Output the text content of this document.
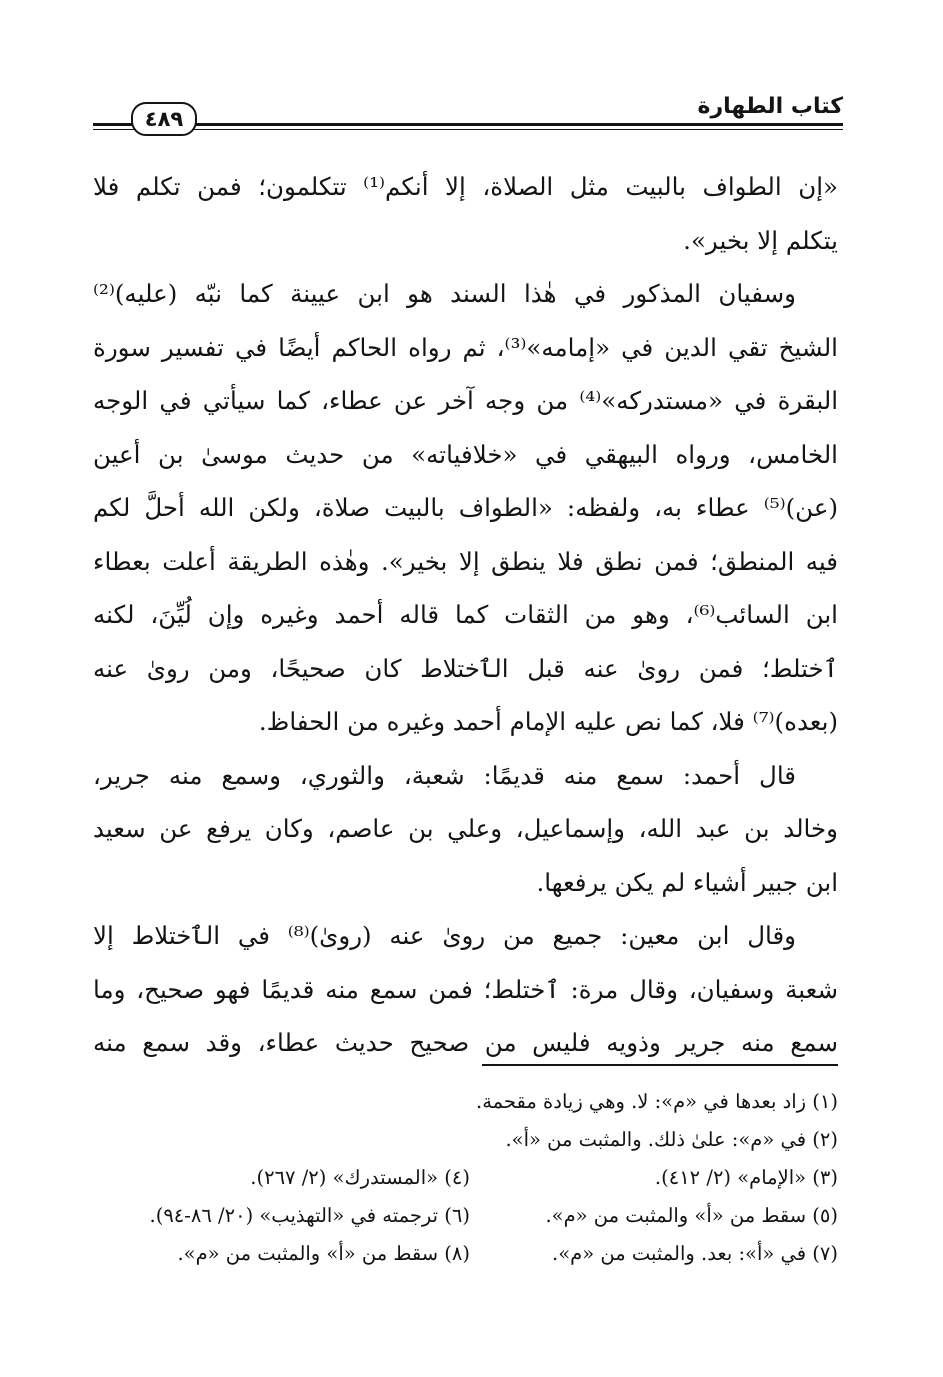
كتاب الطهارة
٤٨٩
«إن الطواف بالبيت مثل الصلاة، إلا أنكم⁽¹⁾ تتكلمون؛ فمن تكلم فلا
يتكلم إلا بخير».
وسفيان المذكور في هٰذا السند هو ابن عيينة كما نبّه (عليه)⁽²⁾
الشيخ تقي الدين في «إمامه»⁽³⁾، ثم رواه الحاكم أيضًا في تفسير سورة
البقرة في «مستدركه»⁽⁴⁾ من وجه آخر عن عطاء، كما سيأتي في الوجه
الخامس، ورواه البيهقي في «خلافياته» من حديث موسىٰ بن أعين
(عن)⁽⁵⁾ عطاء به، ولفظه: «الطواف بالبيت صلاة، ولكن الله أحلَّ لكم
فيه المنطق؛ فمن نطق فلا ينطق إلا بخير». وهٰذه الطريقة أعلت بعطاء
ابن السائب⁽⁶⁾، وهو من الثقات كما قاله أحمد وغيره وإن لُيِّنَ، لكنه
ٱختلط؛ فمن روىٰ عنه قبل الٱختلاط كان صحيحًا، ومن روىٰ عنه
(بعده)⁽⁷⁾ فلا، كما نص عليه الإمام أحمد وغيره من الحفاظ.
قال أحمد: سمع منه قديمًا: شعبة، والثوري، وسمع منه جرير،
وخالد بن عبد الله، وإسماعيل، وعلي بن عاصم، وكان يرفع عن سعيد
ابن جبير أشياء لم يكن يرفعها.
وقال ابن معين: جميع من روىٰ عنه (روىٰ)⁽⁸⁾ في الٱختلاط إلا
شعبة وسفيان، وقال مرة: ٱختلط؛ فمن سمع منه قديمًا فهو صحيح، وما
سمع منه جرير وذويه فليس من صحيح حديث عطاء، وقد سمع منه
(١) زاد بعدها في «م»: لا. وهي زيادة مقحمة.
(٢) في «م»: علىٰ ذلك. والمثبت من «أ».
(٣) «الإمام» (٢/ ٤١٢).
(٤) «المستدرك» (٢/ ٢٦٧).
(٥) سقط من «أ» والمثبت من «م».
(٦) ترجمته في «التهذيب» (٢٠/ ٨٦-٩٤).
(٧) في «أ»: بعد. والمثبت من «م».
(٨) سقط من «أ» والمثبت من «م».
